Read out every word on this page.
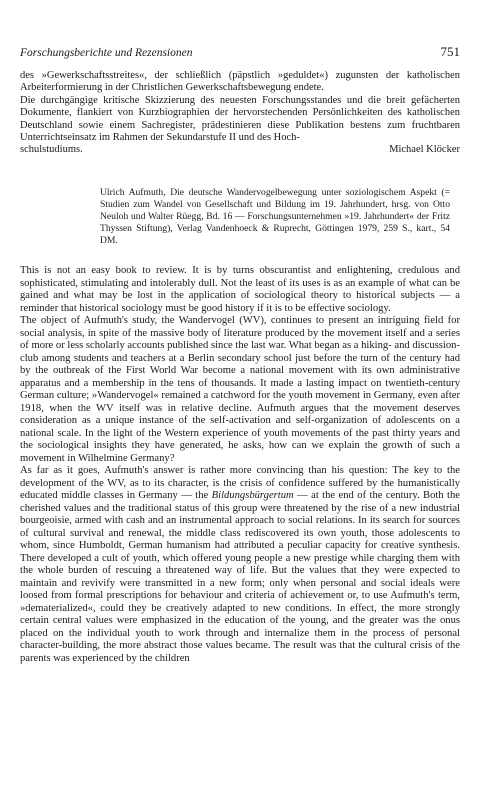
Forschungsberichte und Rezensionen	751

des »Gewerkschaftsstreites«, der schließlich (päpstlich »geduldet«) zugunsten der katholischen Arbeiterformierung in der Christlichen Gewerkschaftsbewegung endete.

Die durchgängige kritische Skizzierung des neuesten Forschungsstandes und die breit gefächerten Dokumente, flankiert von Kurzbiographien der hervorstechenden Persönlichkeiten des katholischen Deutschland sowie einem Sachregister, prädestinieren diese Publikation bestens zum fruchtbaren Unterrichtseinsatz im Rahmen der Sekundarstufe II und des Hoch-

schulstudiums.	Michael Klöcker

Ulrich Aufmuth, Die deutsche Wandervogelbewegung unter soziologischem Aspekt (= Studien zum Wandel von Gesellschaft und Bildung im 19. Jahrhundert, hrsg. von Otto Neuloh und Walter Rüegg, Bd. 16 — Forschungsunternehmen »19. Jahrhundert« der Fritz Thyssen Stiftung), Verlag Vandenhoeck & Ruprecht, Göttingen 1979, 259 S., kart., 54 DM.

This is not an easy book to review. It is by turns obscurantist and enlightening, credulous and sophisticated, stimulating and intolerably dull. Not the least of its uses is as an example of what can be gained and what may be lost in the application of sociological theory to historical subjects — a reminder that historical sociology must be good history if it is to be effective sociology.

The object of Aufmuth's study, the Wandervogel (WV), continues to present an intriguing field for social analysis, in spite of the massive body of literature produced by the movement itself and a series of more or less scholarly accounts published since the last war. What began as a hiking- and discussion-club among students and teachers at a Berlin secondary school just before the turn of the century had by the outbreak of the First World War become a national movement with its own administrative apparatus and a membership in the tens of thousands. It made a lasting impact on twentieth-century German culture; »Wandervogel« remained a catchword for the youth movement in Germany, even after 1918, when the WV itself was in relative decline. Aufmuth argues that the movement deserves consideration as a unique instance of the self-activation and self-organization of adolescents on a national scale. In the light of the Western experience of youth movements of the past thirty years and the sociological insights they have generated, he asks, how can we explain the growth of such a movement in Wilhelmine Germany?

As far as it goes, Aufmuth's answer is rather more convincing than his question: The key to the development of the WV, as to its character, is the crisis of confidence suffered by the humanistically educated middle classes in Germany — the Bildungsbürgertum — at the end of the century. Both the cherished values and the traditional status of this group were threatened by the rise of a new industrial bourgeoisie, armed with cash and an instrumental approach to social relations. In its search for sources of cultural survival and renewal, the middle class rediscovered its own youth, those adolescents to whom, since Humboldt, German humanism had attributed a peculiar capacity for creative synthesis. There developed a cult of youth, which offered young people a new prestige while charging them with the whole burden of rescuing a threatened way of life. But the values that they were expected to maintain and revivify were transmitted in a new form; only when personal and social ideals were loosed from formal prescriptions for behaviour and criteria of achievement or, to use Aufmuth's term, »dematerialized«, could they be creatively adapted to new conditions. In effect, the more strongly certain central values were emphasized in the education of the young, and the greater was the onus placed on the individual youth to work through and internalize them in the process of personal character-building, the more abstract those values became. The result was that the cultural crisis of the parents was experienced by the children
